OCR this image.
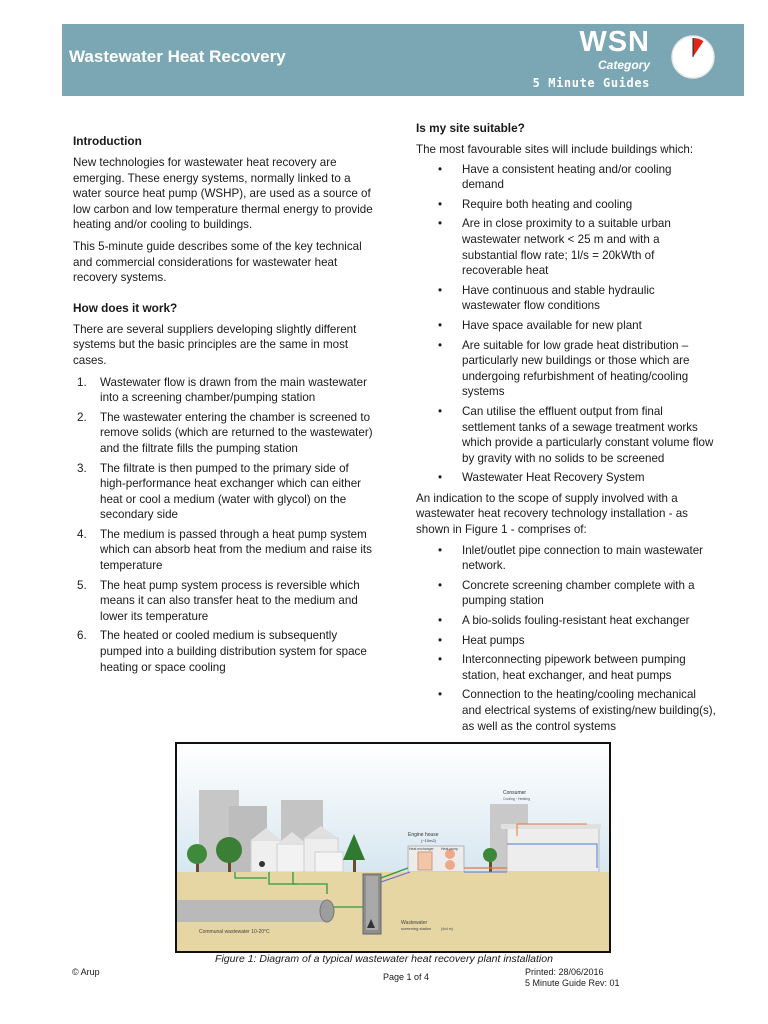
Wastewater Heat Recovery	WSN
Category
5 Minute Guides
Introduction

New technologies for wastewater heat recovery are emerging. These energy systems, normally linked to a water source heat pump (WSHP), are used as a source of low carbon and low temperature thermal energy to provide heating and/or cooling to buildings.

This 5-minute guide describes some of the key technical and commercial considerations for wastewater heat recovery systems.

How does it work?

There are several suppliers developing slightly different systems but the basic principles are the same in most cases.

1. Wastewater flow is drawn from the main wastewater into a screening chamber/pumping station
2. The wastewater entering the chamber is screened to remove solids (which are returned to the wastewater) and the filtrate fills the pumping station
3. The filtrate is then pumped to the primary side of high-performance heat exchanger which can either heat or cool a medium (water with glycol) on the secondary side
4. The medium is passed through a heat pump system which can absorb heat from the medium and raise its temperature
5. The heat pump system process is reversible which means it can also transfer heat to the medium and lower its temperature
6. The heated or cooled medium is subsequently pumped into a building distribution system for space heating or space cooling
Is my site suitable?

The most favourable sites will include buildings which:

• Have a consistent heating and/or cooling demand
• Require both heating and cooling
• Are in close proximity to a suitable urban wastewater network < 25 m and with a substantial flow rate; 1l/s = 20kWth of recoverable heat
• Have continuous and stable hydraulic wastewater flow conditions
• Have space available for new plant
• Are suitable for low grade heat distribution – particularly new buildings or those which are undergoing refurbishment of heating/cooling systems
• Can utilise the effluent output from final settlement tanks of a sewage treatment works which provide a particularly constant volume flow by gravity with no solids to be screened
• Wastewater Heat Recovery System

An indication to the scope of supply involved with a wastewater heat recovery technology installation - as shown in Figure 1 - comprises of:

• Inlet/outlet pipe connection to main wastewater network.
• Concrete screening chamber complete with a pumping station
• A bio-solids fouling-resistant heat exchanger
• Heat pumps
• Interconnecting pipework between pumping station, heat exchanger, and heat pumps
• Connection to the heating/cooling mechanical and electrical systems of existing/new building(s), as well as the control systems
Engine house
(~10m2)
Heat exchanger Heat pump
Consumer
Cooling · Heating
Communal wastewater 10-20°C
Wastewater
screening station	(4x4 m)
Figure 1: Diagram of a typical wastewater heat recovery plant installation
© Arup	Page 1 of 4	Printed: 28/06/2016
5 Minute Guide Rev: 01
